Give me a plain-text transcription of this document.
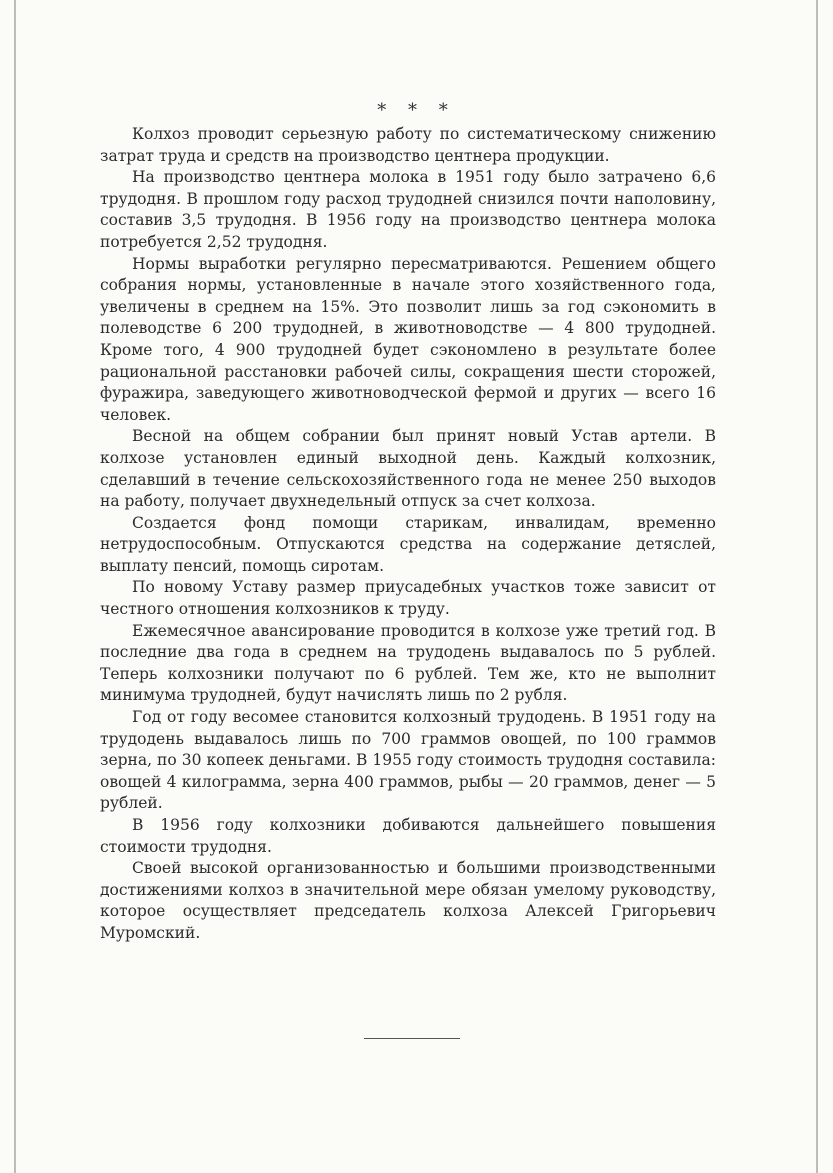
* * *

Колхоз проводит серьезную работу по систематическому снижению затрат труда и средств на производство центнера продукции.

На производство центнера молока в 1951 году было затрачено 6,6 трудодня. В прошлом году расход трудодней снизился почти наполовину, составив 3,5 трудодня. В 1956 году на производство центнера молока потребуется 2,52 трудодня.

Нормы выработки регулярно пересматриваются. Решением общего собрания нормы, установленные в начале этого хозяйственного года, увеличены в среднем на 15%. Это позволит лишь за год сэкономить в полеводстве 6 200 трудодней, в животноводстве — 4 800 трудодней. Кроме того, 4 900 трудодней будет сэкономлено в результате более рациональной расстановки рабочей силы, сокращения шести сторожей, фуражира, заведующего животноводческой фермой и других — всего 16 человек.

Весной на общем собрании был принят новый Устав артели. В колхозе установлен единый выходной день. Каждый колхозник, сделавший в течение сельскохозяйственного года не менее 250 выходов на работу, получает двухнедельный отпуск за счет колхоза.

Создается фонд помощи старикам, инвалидам, временно нетрудоспособным. Отпускаются средства на содержание детяслей, выплату пенсий, помощь сиротам.

По новому Уставу размер приусадебных участков тоже зависит от честного отношения колхозников к труду.

Ежемесячное авансирование проводится в колхозе уже третий год. В последние два года в среднем на трудодень выдавалось по 5 рублей. Теперь колхозники получают по 6 рублей. Тем же, кто не выполнит минимума трудодней, будут начислять лишь по 2 рубля.

Год от году весомее становится колхозный трудодень. В 1951 году на трудодень выдавалось лишь по 700 граммов овощей, по 100 граммов зерна, по 30 копеек деньгами. В 1955 году стоимость трудодня составила: овощей 4 килограмма, зерна 400 граммов, рыбы — 20 граммов, денег — 5 рублей.

В 1956 году колхозники добиваются дальнейшего повышения стоимости трудодня.

Своей высокой организованностью и большими производственными достижениями колхоз в значительной мере обязан умелому руководству, которое осуществляет председатель колхоза Алексей Григорьевич Муромский.
